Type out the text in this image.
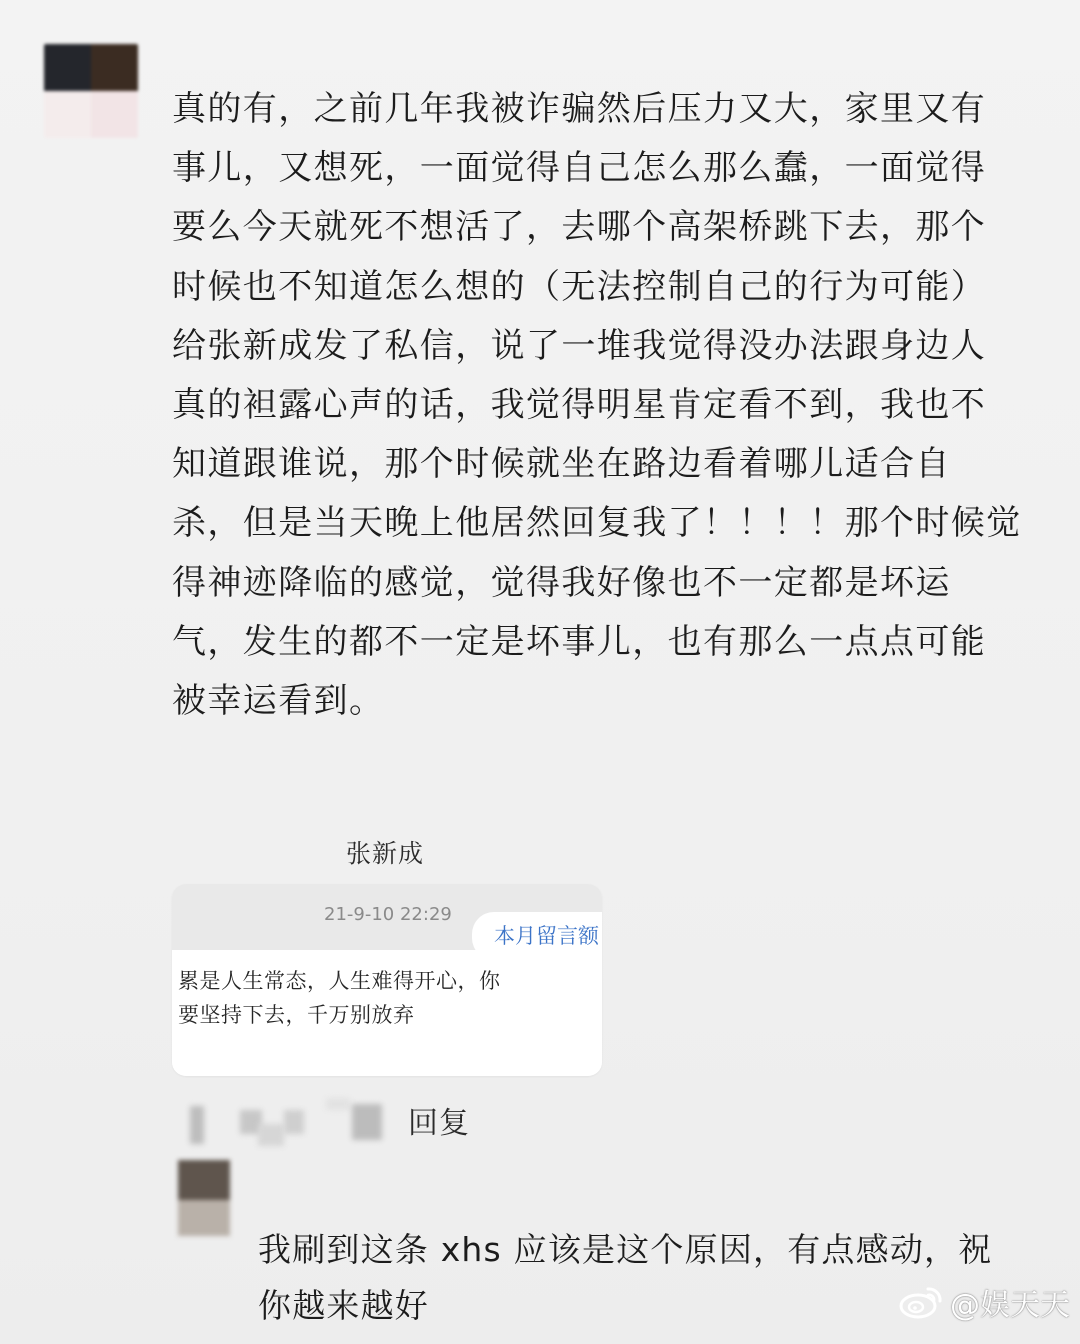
真的有，之前几年我被诈骗然后压力又大，家里又有
事儿，又想死，一面觉得自己怎么那么蠢，一面觉得
要么今天就死不想活了，去哪个高架桥跳下去，那个
时候也不知道怎么想的（无法控制自己的行为可能）
给张新成发了私信，说了一堆我觉得没办法跟身边人
真的袒露心声的话，我觉得明星肯定看不到，我也不
知道跟谁说，那个时候就坐在路边看着哪儿适合自
杀，但是当天晚上他居然回复我了！！！！那个时候觉
得神迹降临的感觉，觉得我好像也不一定都是坏运
气，发生的都不一定是坏事儿，也有那么一点点可能
被幸运看到。
张新成
21-9-10 22:29
累是人生常态，人生难得开心，你
要坚持下去，千万别放弃
本月留言额
回复
我刷到这条 xhs 应该是这个原因，有点感动，祝
你越来越好	@娱天天
